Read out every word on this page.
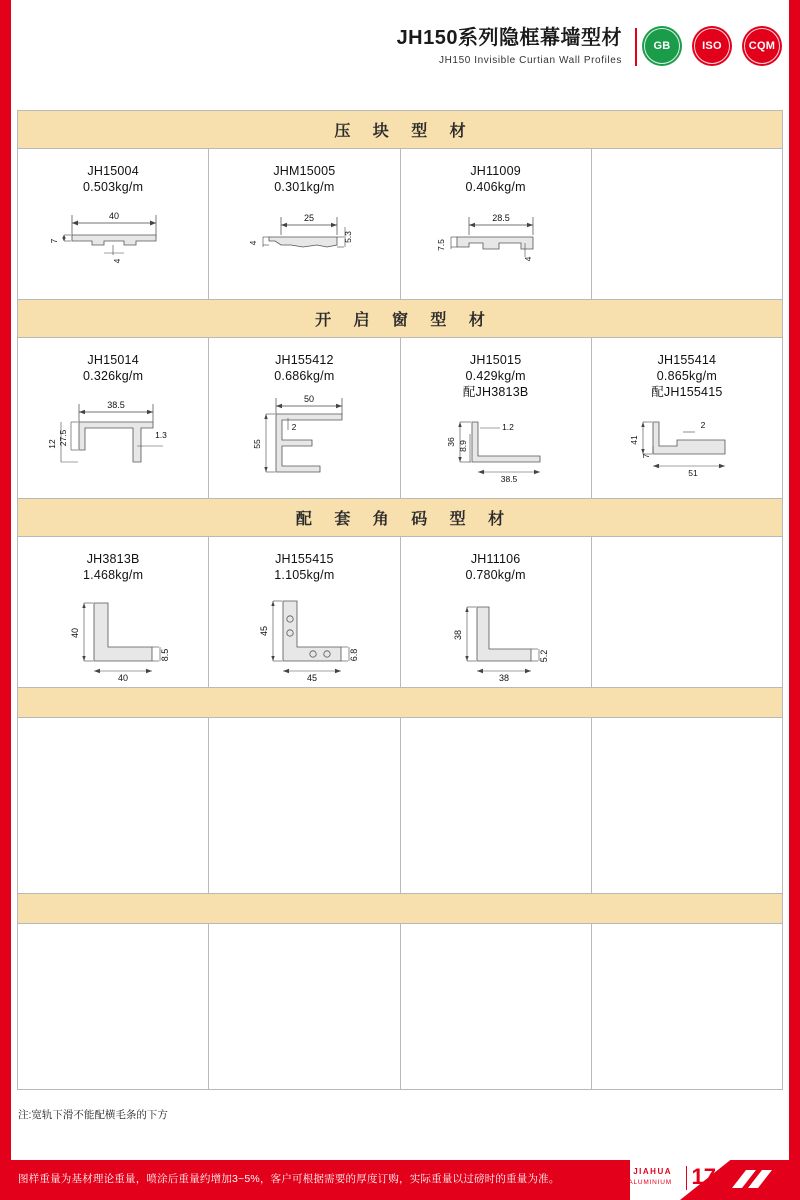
JH150系列隐框幕墙型材
JH150 Invisible Curtian Wall Profiles
GB	ISO CQM
压 块 型 材
JH15004
0.503kg/m
40
7
4
JHM15005
0.301kg/m
25
5.3
4
JH11009
0.406kg/m
28.5
7.5
4
开 启 窗 型 材
JH15014
0.326kg/m
38.5
27.5
12
1.3
JH155412
0.686kg/m
50
55
2
JH15015
0.429kg/m
配JH3813B
36 8.9
1.2
38.5
JH155414
0.865kg/m
配JH155415
41
7
2
51
配 套 角 码 型 材
JH3813B
1.468kg/m
40
40
8.5
JH155415
1.105kg/m
45
45
6.8
JH11106
0.780kg/m
38
38
5.2
注:宽轨下滑不能配横毛条的下方
图样重量为基材理论重量，喷涂后重量约增加3~5%，客户可根据需要的厚度订购，实际重量以过磅时的重量为准。
JIAHUA
ALUMINIUM 17
